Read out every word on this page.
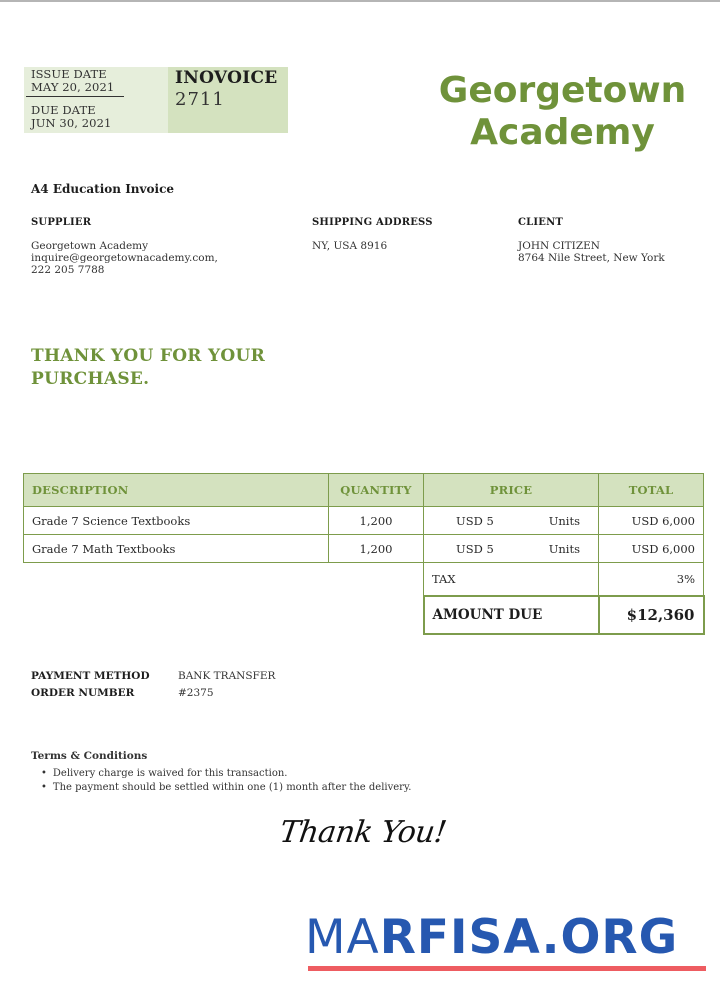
ISSUE DATE
MAY 20, 2021
DUE DATE
JUN 30, 2021
INOVOICE
2711	Georgetown
Academy
A4 Education Invoice
SUPPLIER
Georgetown Academy
inquire@georgetownacademy.com,
222 205 7788
SHIPPING ADDRESS
NY, USA 8916
CLIENT
JOHN CITIZEN
8764 Nile Street, New York
THANK YOU FOR YOUR
PURCHASE.
DESCRIPTION	QUANTITY	PRICE	TOTAL
Grade 7 Science Textbooks	1,200	USD 5 Units	USD 6,000
Grade 7 Math Textbooks	1,200	USD 5 Units	USD 6,000
		TAX	3%
		AMOUNT DUE	$12,360
PAYMENT METHOD	BANK TRANSFER
ORDER NUMBER	#2375
Terms & Conditions
• Delivery charge is waived for this transaction.
• The payment should be settled within one (1) month after the delivery.
Thank You!
MARFISA.ORG
